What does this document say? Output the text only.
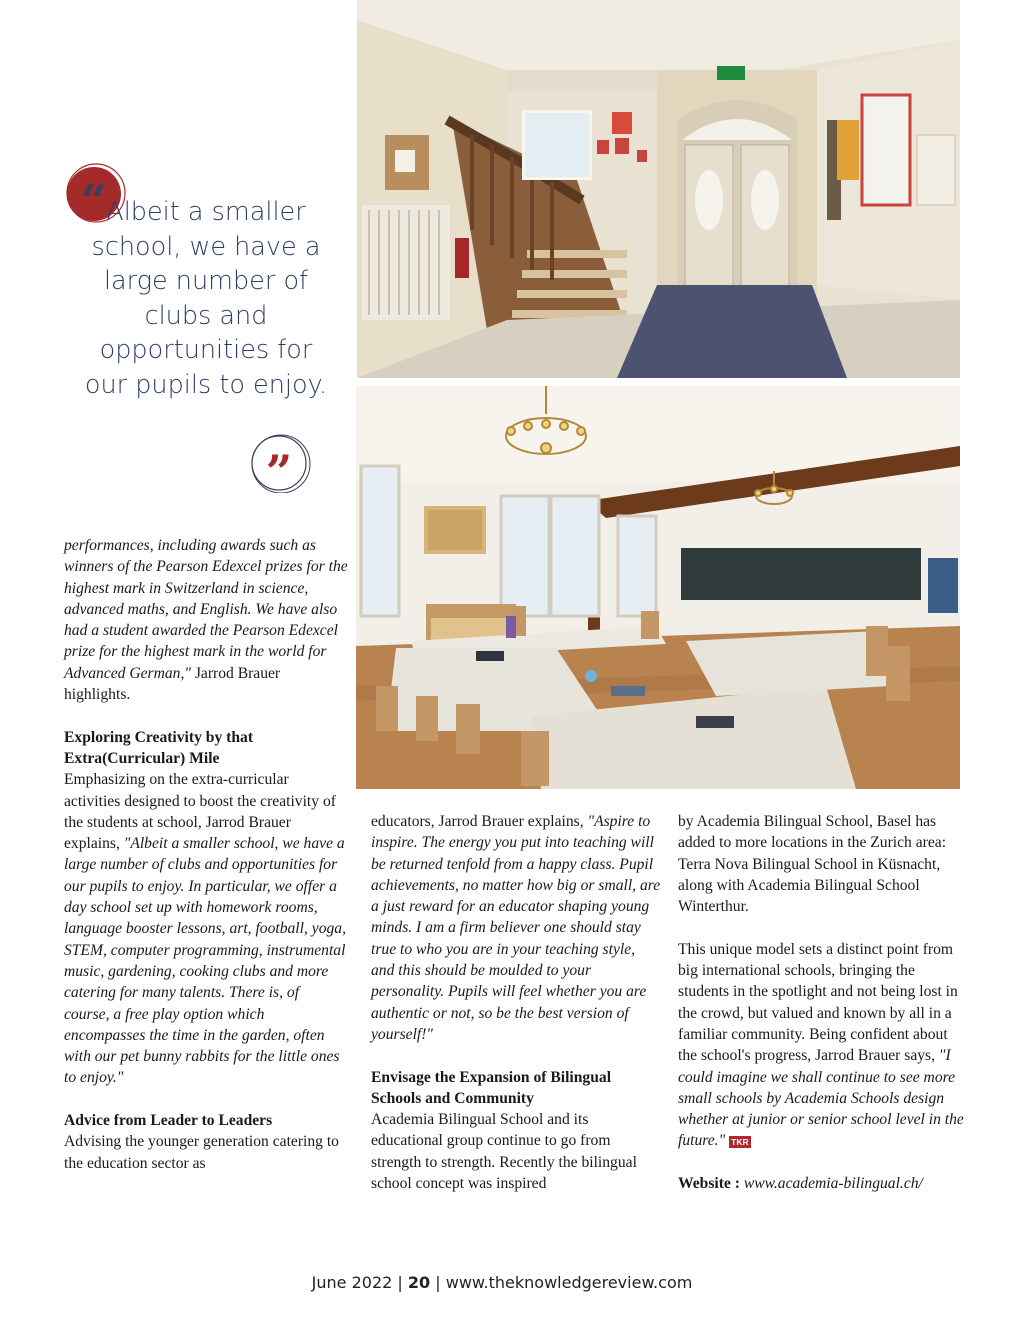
“ Albeit a smaller school, we have a large number of clubs and opportunities for our pupils to enjoy.
”

performances, including awards such as winners of the Pearson Edexcel prizes for the highest mark in Switzerland in science, advanced maths, and English. We have also had a student awarded the Pearson Edexcel prize for the highest mark in the world for Advanced German," Jarrod Brauer highlights.

Exploring Creativity by that Extra(Curricular) Mile

Emphasizing on the extra-curricular activities designed to boost the creativity of the students at school, Jarrod Brauer explains, "Albeit a smaller school, we have a large number of clubs and opportunities for our pupils to enjoy. In particular, we offer a day school set up with homework rooms, language booster lessons, art, football, yoga, STEM, computer programming, instrumental music, gardening, cooking clubs and more catering for many talents. There is, of course, a free play option which encompasses the time in the garden, often with our pet bunny rabbits for the little ones to enjoy."

Advice from Leader to Leaders

Advising the younger generation catering to the education sector as

educators, Jarrod Brauer explains, "Aspire to inspire. The energy you put into teaching will be returned tenfold from a happy class. Pupil achievements, no matter how big or small, are a just reward for an educator shaping young minds. I am a firm believer one should stay true to who you are in your teaching style, and this should be moulded to your personality. Pupils will feel whether you are authentic or not, so be the best version of yourself!"

Envisage the Expansion of Bilingual Schools and Community

Academia Bilingual School and its educational group continue to go from strength to strength. Recently the bilingual school concept was inspired

by Academia Bilingual School, Basel has added to more locations in the Zurich area: Terra Nova Bilingual School in Küsnacht, along with Academia Bilingual School Winterthur.

This unique model sets a distinct point from big international schools, bringing the students in the spotlight and not being lost in the crowd, but valued and known by all in a familiar community. Being confident about the school's progress, Jarrod Brauer says, "I could imagine we shall continue to see more small schools by Academia Schools design whether at junior or senior school level in the future." TKR

Website : www.academia-bilingual.ch/

June 2022 | 20 | www.theknowledgereview.com
